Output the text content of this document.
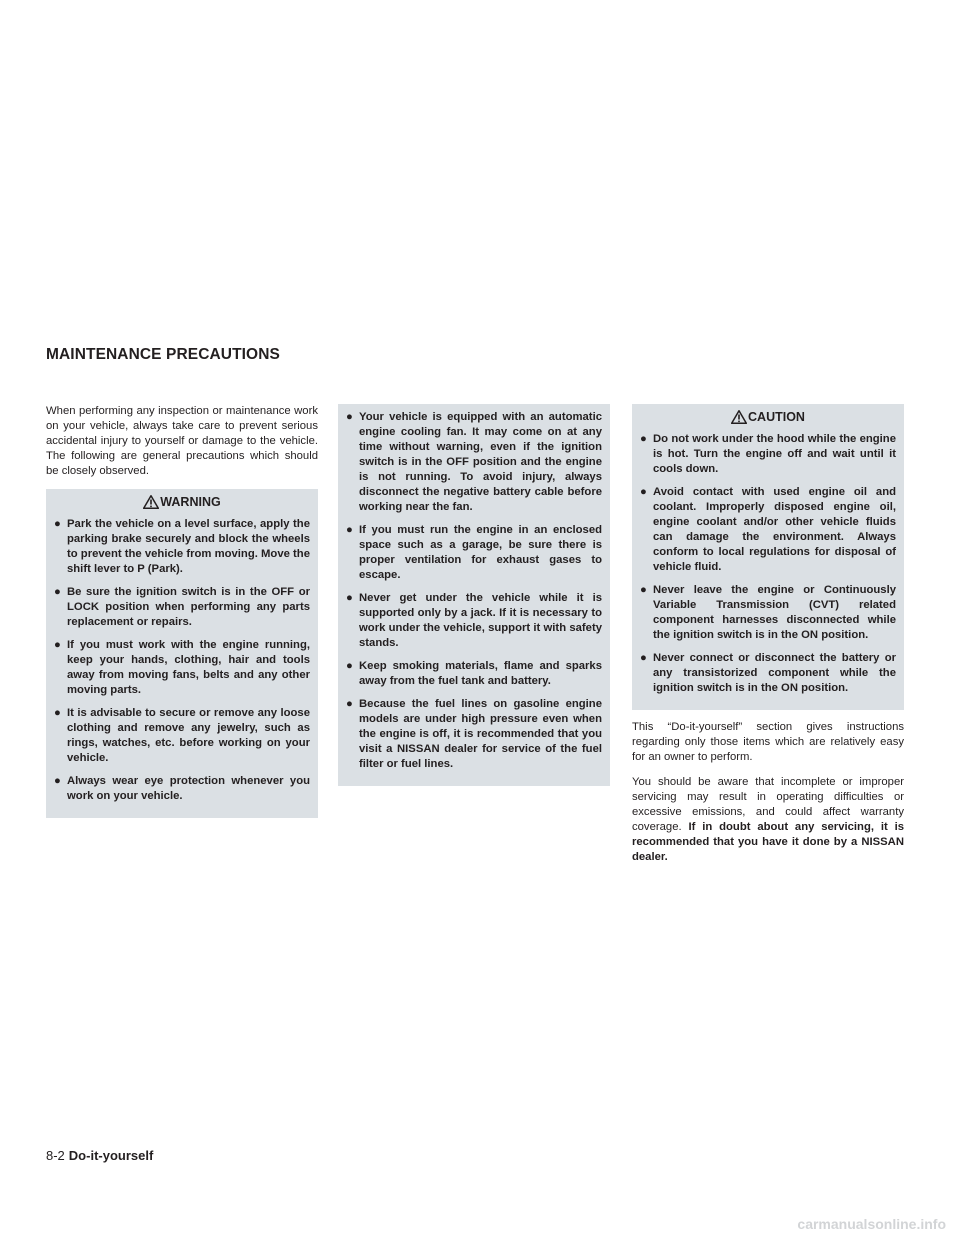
MAINTENANCE PRECAUTIONS

When performing any inspection or maintenance work on your vehicle, always take care to prevent serious accidental injury to yourself or damage to the vehicle. The following are general precautions which should be closely observed.

WARNING
● Park the vehicle on a level surface, apply the parking brake securely and block the wheels to prevent the vehicle from moving. Move the shift lever to P (Park).
● Be sure the ignition switch is in the OFF or LOCK position when performing any parts replacement or repairs.
● If you must work with the engine running, keep your hands, clothing, hair and tools away from moving fans, belts and any other moving parts.
● It is advisable to secure or remove any loose clothing and remove any jewelry, such as rings, watches, etc. before working on your vehicle.
● Always wear eye protection whenever you work on your vehicle.
● Your vehicle is equipped with an automatic engine cooling fan. It may come on at any time without warning, even if the ignition switch is in the OFF position and the engine is not running. To avoid injury, always disconnect the negative battery cable before working near the fan.
● If you must run the engine in an enclosed space such as a garage, be sure there is proper ventilation for exhaust gases to escape.
● Never get under the vehicle while it is supported only by a jack. If it is necessary to work under the vehicle, support it with safety stands.
● Keep smoking materials, flame and sparks away from the fuel tank and battery.
● Because the fuel lines on gasoline engine models are under high pressure even when the engine is off, it is recommended that you visit a NISSAN dealer for service of the fuel filter or fuel lines.
CAUTION
● Do not work under the hood while the engine is hot. Turn the engine off and wait until it cools down.
● Avoid contact with used engine oil and coolant. Improperly disposed engine oil, engine coolant and/or other vehicle fluids can damage the environment. Always conform to local regulations for disposal of vehicle fluid.
● Never leave the engine or Continuously Variable Transmission (CVT) related component harnesses disconnected while the ignition switch is in the ON position.
● Never connect or disconnect the battery or any transistorized component while the ignition switch is in the ON position.

This “Do-it-yourself” section gives instructions regarding only those items which are relatively easy for an owner to perform.

You should be aware that incomplete or improper servicing may result in operating difficulties or excessive emissions, and could affect warranty coverage. If in doubt about any servicing, it is recommended that you have it done by a NISSAN dealer.

8-2 Do-it-yourself
carmanualsonline.info
